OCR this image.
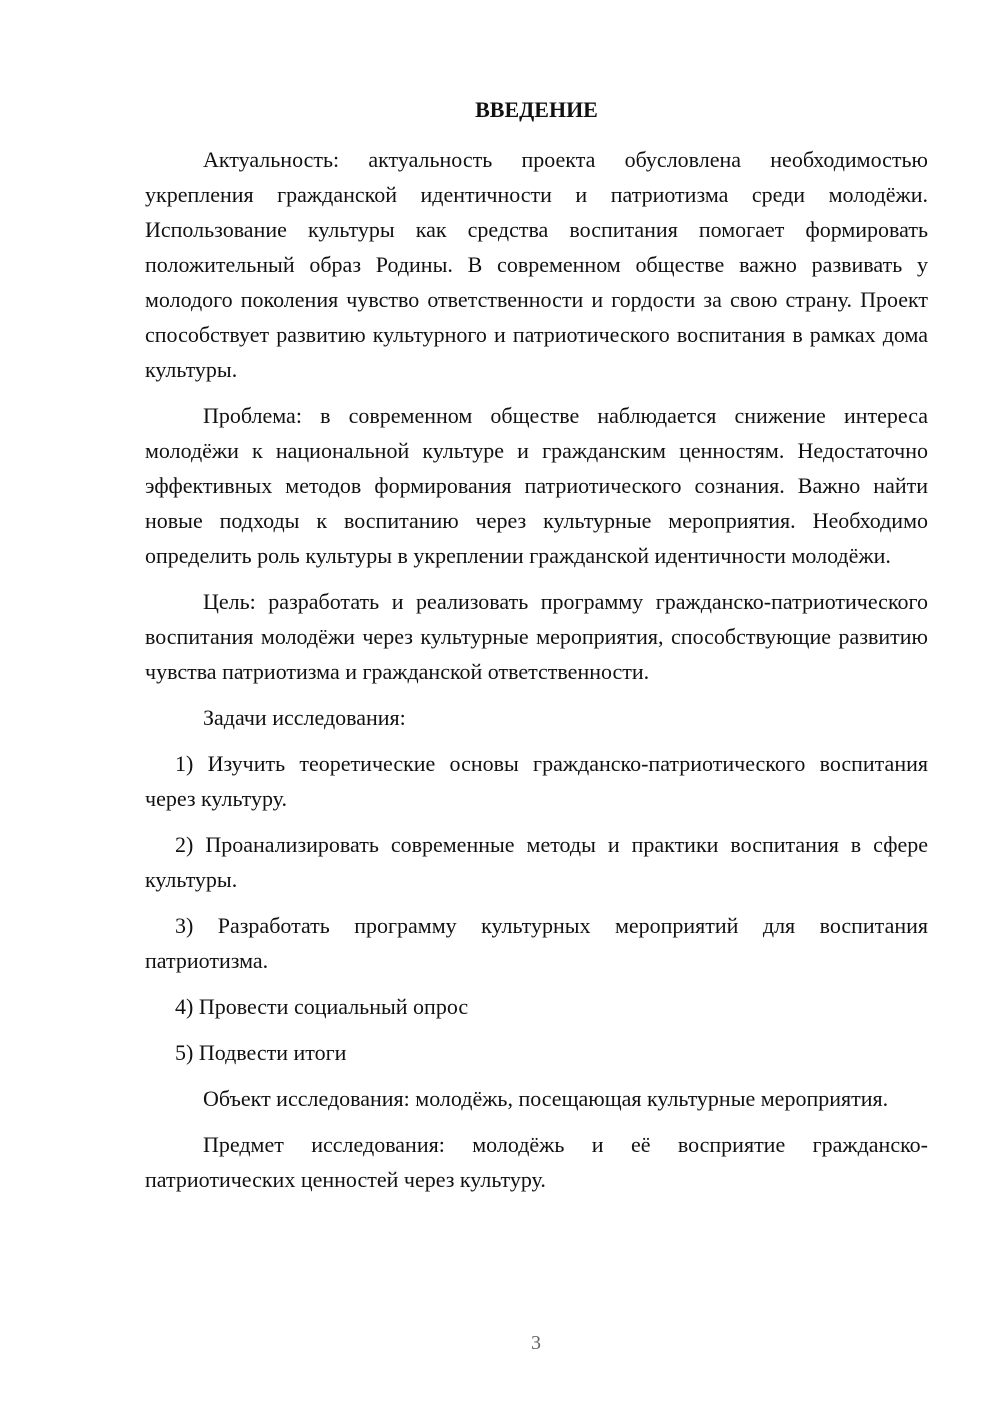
ВВЕДЕНИЕ

Актуальность: актуальность проекта обусловлена необходимостью укрепления гражданской идентичности и патриотизма среди молодёжи. Использование культуры как средства воспитания помогает формировать положительный образ Родины. В современном обществе важно развивать у молодого поколения чувство ответственности и гордости за свою страну. Проект способствует развитию культурного и патриотического воспитания в рамках дома культуры.

Проблема: в современном обществе наблюдается снижение интереса молодёжи к национальной культуре и гражданским ценностям. Недостаточно эффективных методов формирования патриотического сознания. Важно найти новые подходы к воспитанию через культурные мероприятия. Необходимо определить роль культуры в укреплении гражданской идентичности молодёжи.

Цель: разработать и реализовать программу гражданско-патриотического воспитания молодёжи через культурные мероприятия, способствующие развитию чувства патриотизма и гражданской ответственности.

Задачи исследования:

1) Изучить теоретические основы гражданско-патриотического воспитания через культуру.

2) Проанализировать современные методы и практики воспитания в сфере культуры.

3) Разработать программу культурных мероприятий для воспитания патриотизма.

4) Провести социальный опрос

5) Подвести итоги

Объект исследования: молодёжь, посещающая культурные мероприятия.

Предмет исследования: молодёжь и её восприятие гражданско-патриотических ценностей через культуру.

3
